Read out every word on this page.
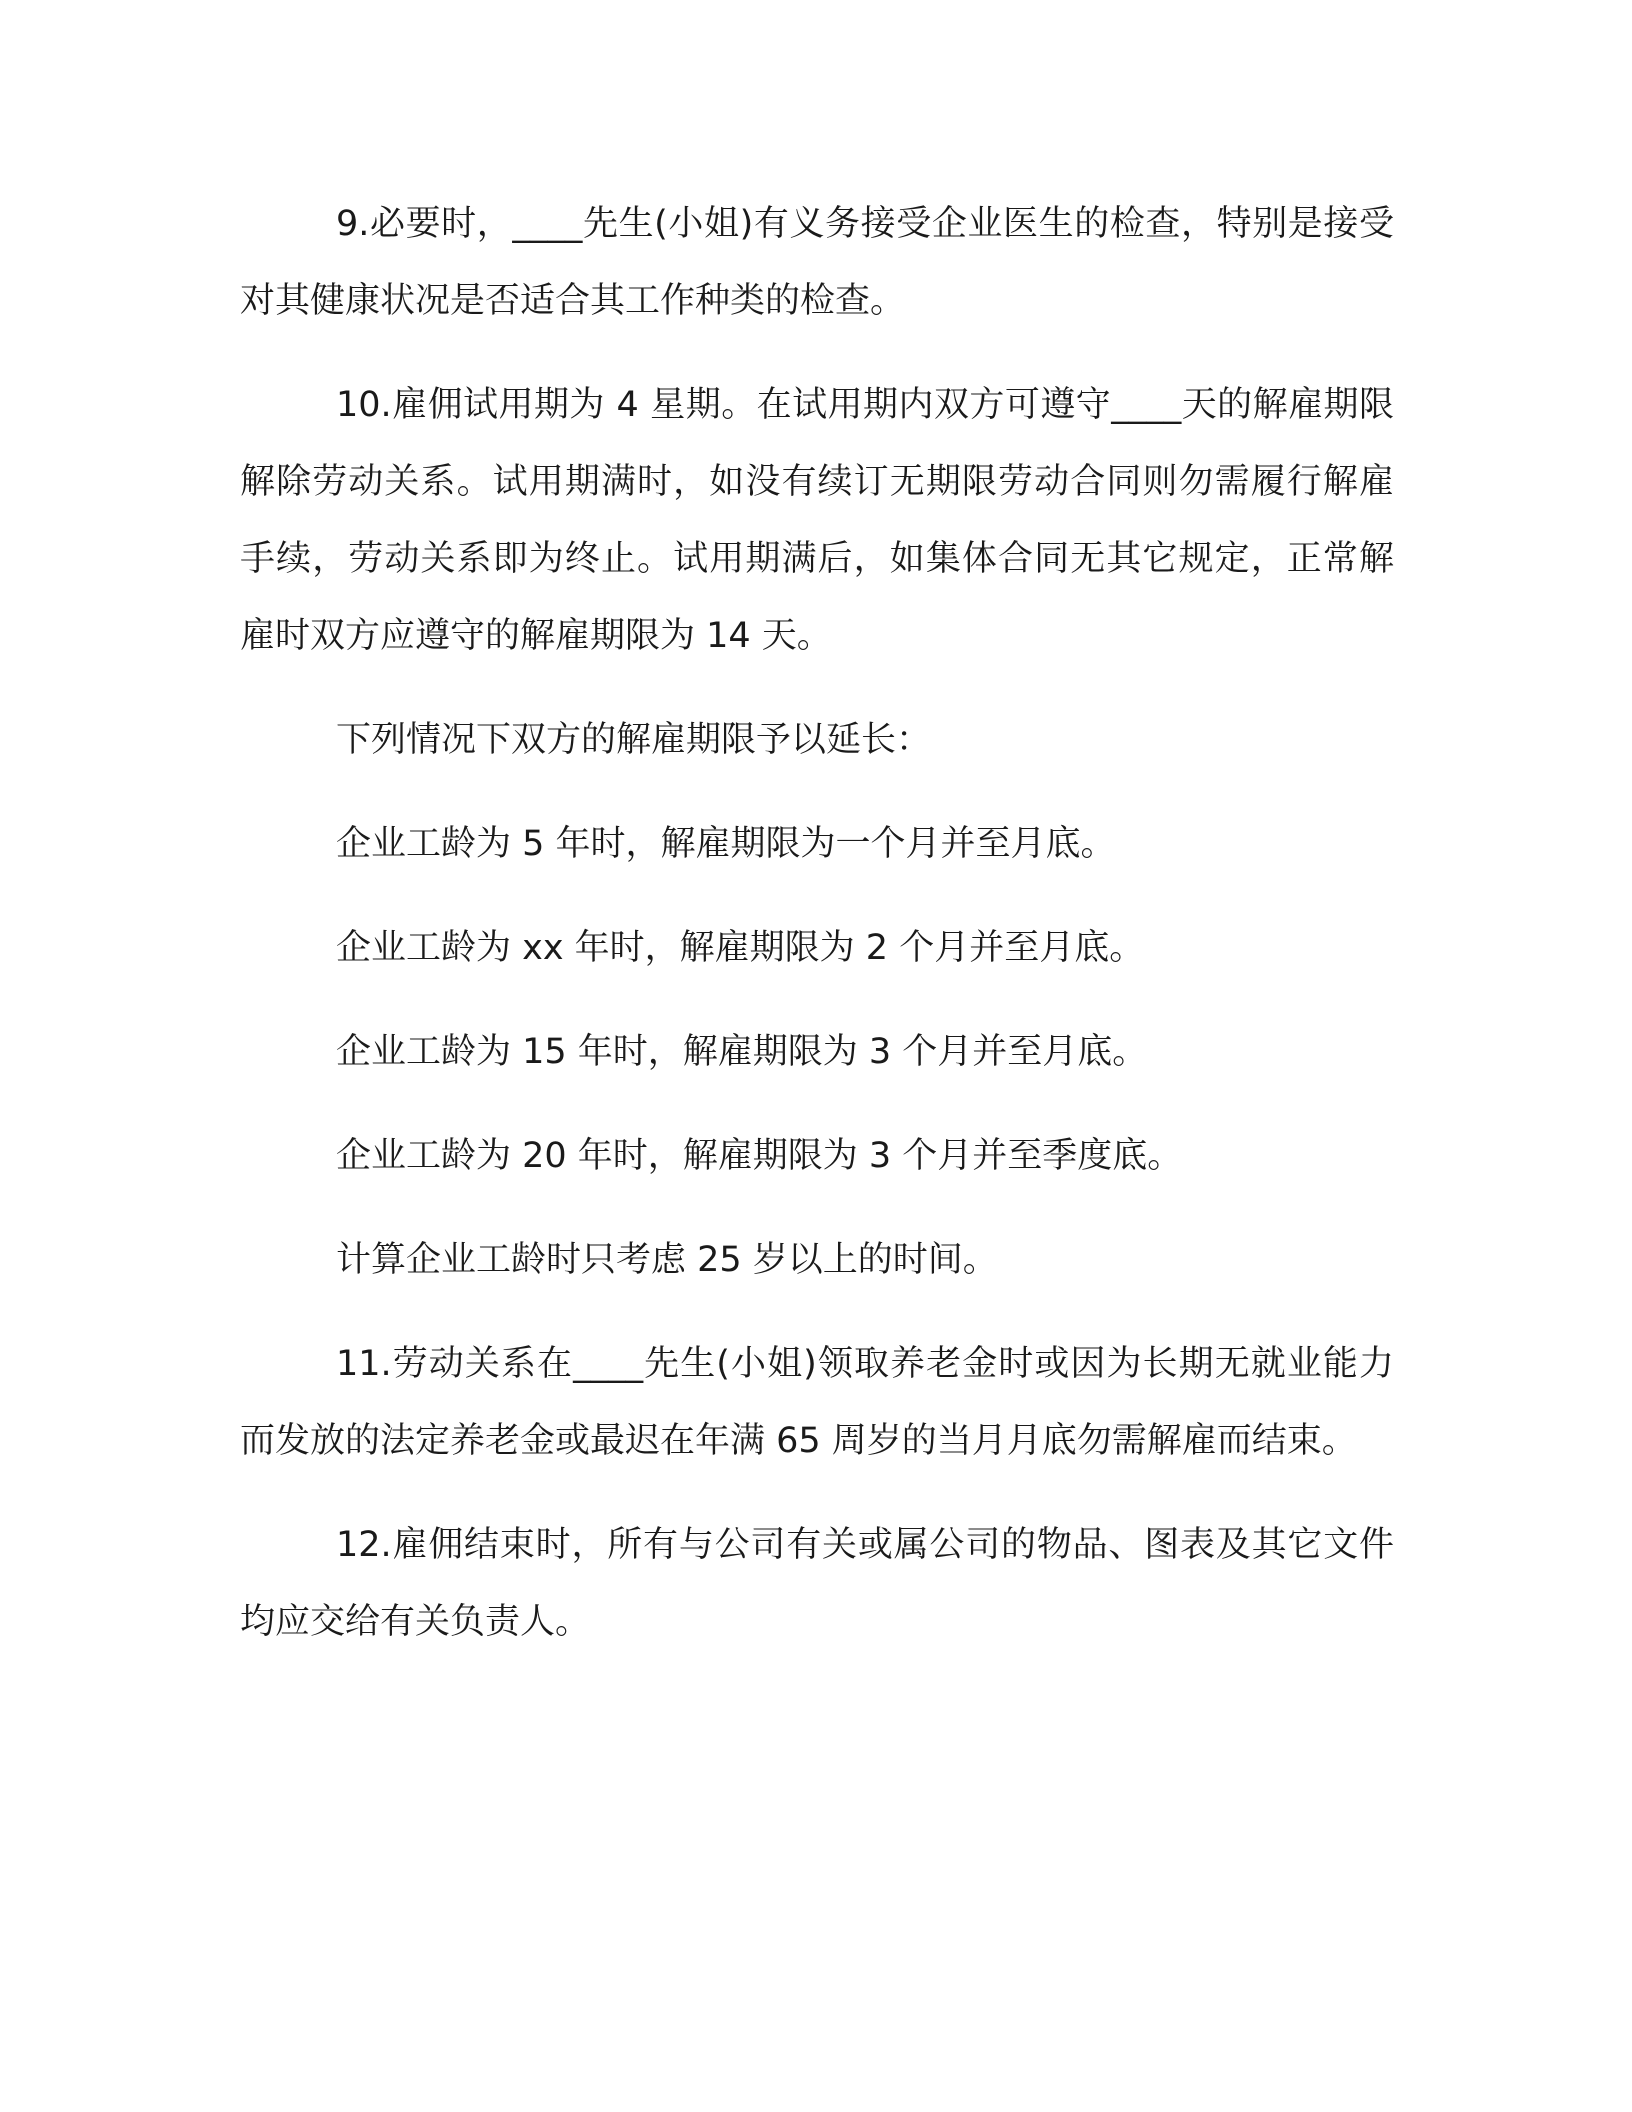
9.必要时，____先生(小姐)有义务接受企业医生的检查，特别是接受对其健康状况是否适合其工作种类的检查。

10.雇佣试用期为 4 星期。在试用期内双方可遵守____天的解雇期限解除劳动关系。试用期满时，如没有续订无期限劳动合同则勿需履行解雇手续，劳动关系即为终止。试用期满后，如集体合同无其它规定，正常解雇时双方应遵守的解雇期限为 14 天。

下列情况下双方的解雇期限予以延长：

企业工龄为 5 年时，解雇期限为一个月并至月底。

企业工龄为 xx 年时，解雇期限为 2 个月并至月底。

企业工龄为 15 年时，解雇期限为 3 个月并至月底。

企业工龄为 20 年时，解雇期限为 3 个月并至季度底。

计算企业工龄时只考虑 25 岁以上的时间。

11.劳动关系在____先生(小姐)领取养老金时或因为长期无就业能力而发放的法定养老金或最迟在年满 65 周岁的当月月底勿需解雇而结束。

12.雇佣结束时，所有与公司有关或属公司的物品、图表及其它文件均应交给有关负责人。
